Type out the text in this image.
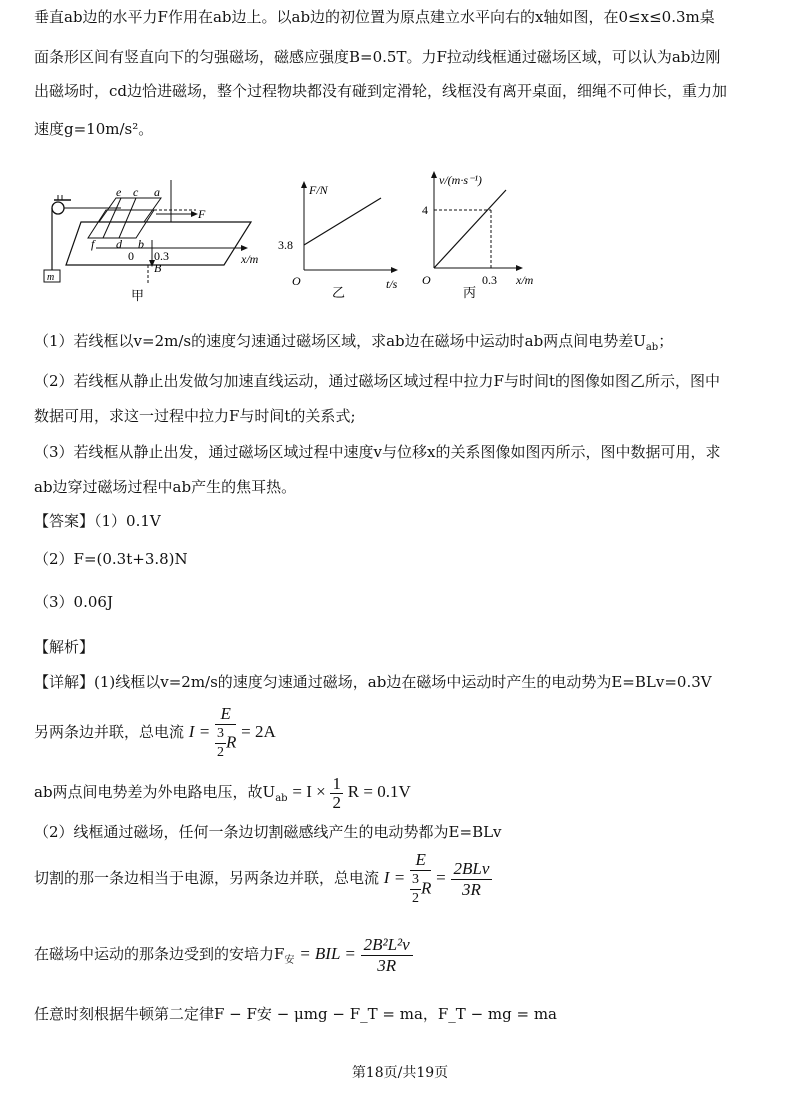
垂直ab边的水平力F作用在ab边上。以ab边的初位置为原点建立水平向右的x轴如图，在0≤x≤0.3m桌
面条形区间有竖直向下的匀强磁场，磁感应强度B=0.5T。力F拉动线框通过磁场区域，可以认为ab边刚
出磁场时，cd边恰进磁场，整个过程物块都没有碰到定滑轮，线框没有离开桌面，细绳不可伸长，重力加
速度g=10m/s²。
m
F
B
e c a
f d b
0 0.3	x/m
甲
F/N
3.8
O	t/s
乙
v/(m·s⁻¹)
4
O	0.3 x/m
丙
（1）若线框以v=2m/s的速度匀速通过磁场区域，求ab边在磁场中运动时ab两点间电势差$U_{ab}$；
（2）若线框从静止出发做匀加速直线运动，通过磁场区域过程中拉力F与时间t的图像如图乙所示，图中
数据可用，求这一过程中拉力F与时间t的关系式;
（3）若线框从静止出发，通过磁场区域过程中速度v与位移x的关系图像如图丙所示，图中数据可用，求
ab边穿过磁场过程中ab产生的焦耳热。
【答案】（1）0.1V
（2）F=(0.3t+3.8)N
（3）0.06J
【解析】
【详解】(1)线框以v=2m/s的速度匀速通过磁场，ab边在磁场中运动时产生的电动势为E=BLv=0.3V
另两条边并联，总电流 $I = \frac{E}{\frac{3}{2} R} = 2A$
ab两点间电势差为外电路电压，故$U_{ab} = I \times \frac{1}{2}$ R = 0.1V
（2）线框通过磁场，任何一条边切割磁感线产生的电动势都为E=BLv
切割的那一条边相当于电源，另两条边并联，总电流 $I = \frac{E}{\frac{3}{2} R} = \frac{\text{2BLv}}{3R}$
在磁场中运动的那条边受到的安培力$F_安$ = BIL = $\frac{\text{2B²L²v}}{3R}$
任意时刻根据牛顿第二定律F − F安 − μmg − F_T = ma，F_T − mg = ma
第18页/共19页
